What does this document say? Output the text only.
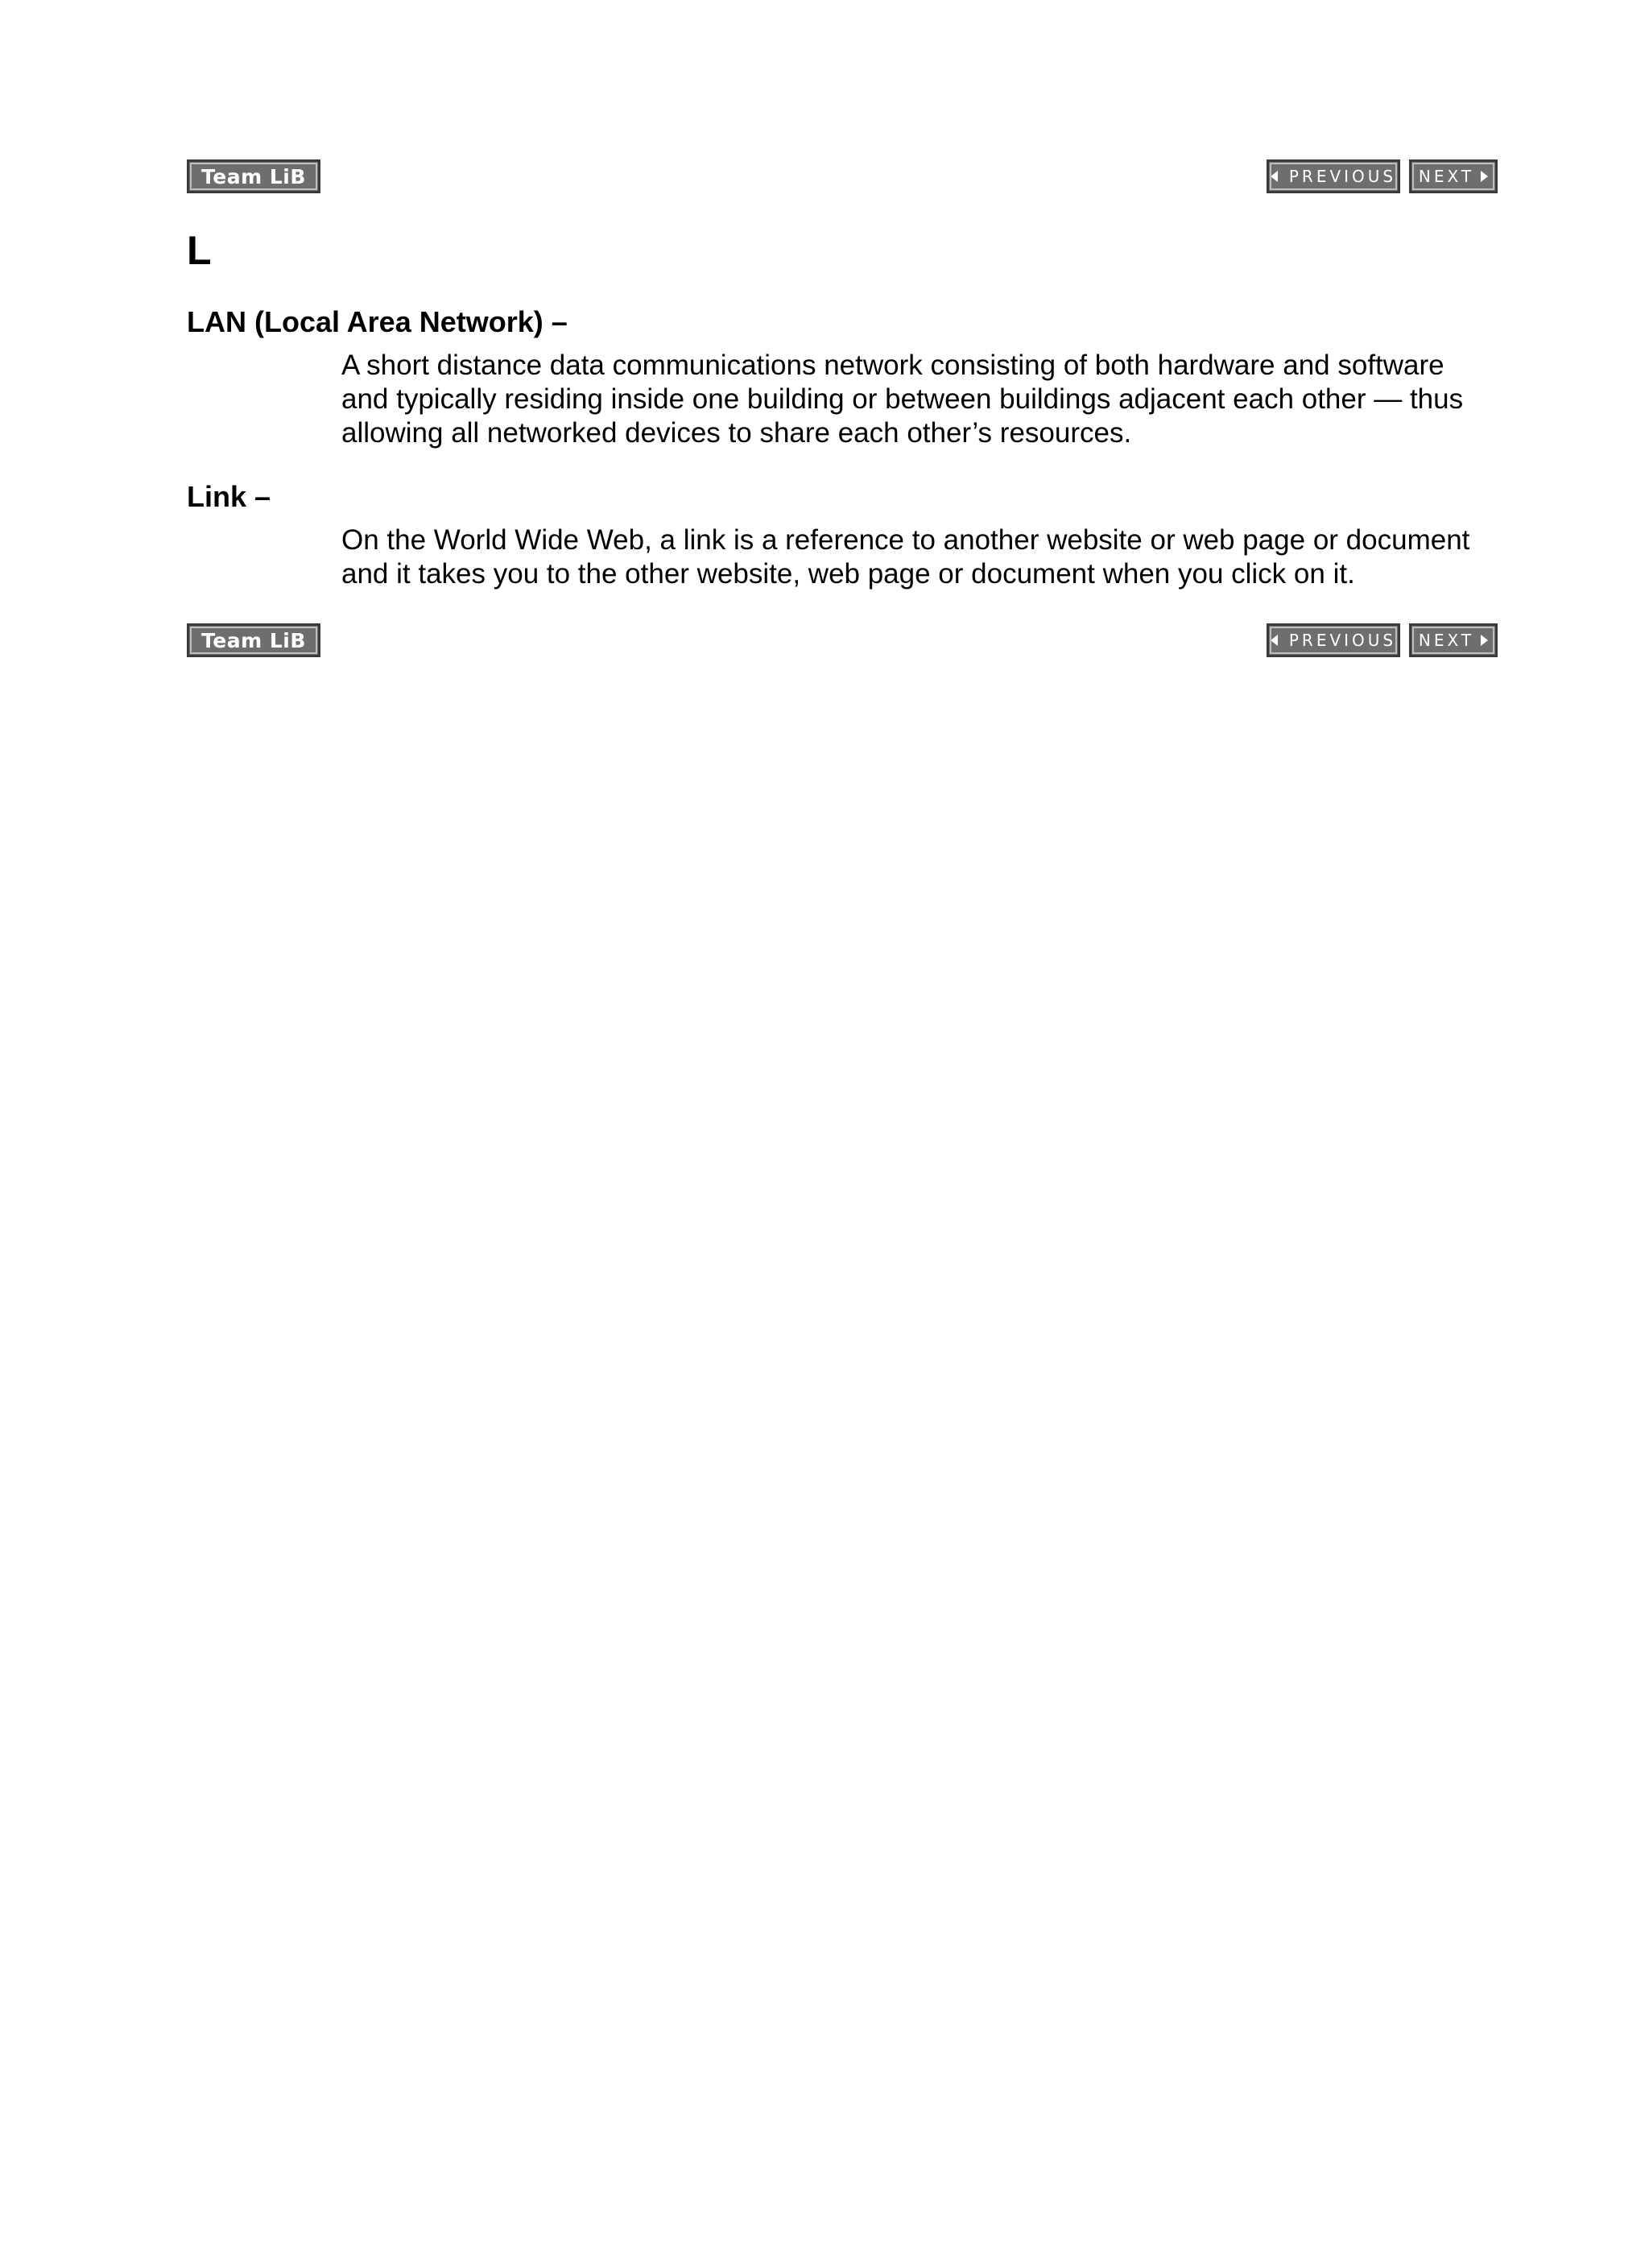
Team LiB	PREVIOUS NEXT
L
LAN (Local Area Network) –
A short distance data communications network consisting of both hardware and software and typically residing inside one building or between buildings adjacent each other — thus allowing all networked devices to share each other’s resources.
Link –
On the World Wide Web, a link is a reference to another website or web page or document and it takes you to the other website, web page or document when you click on it.
Team LiB	PREVIOUS NEXT
